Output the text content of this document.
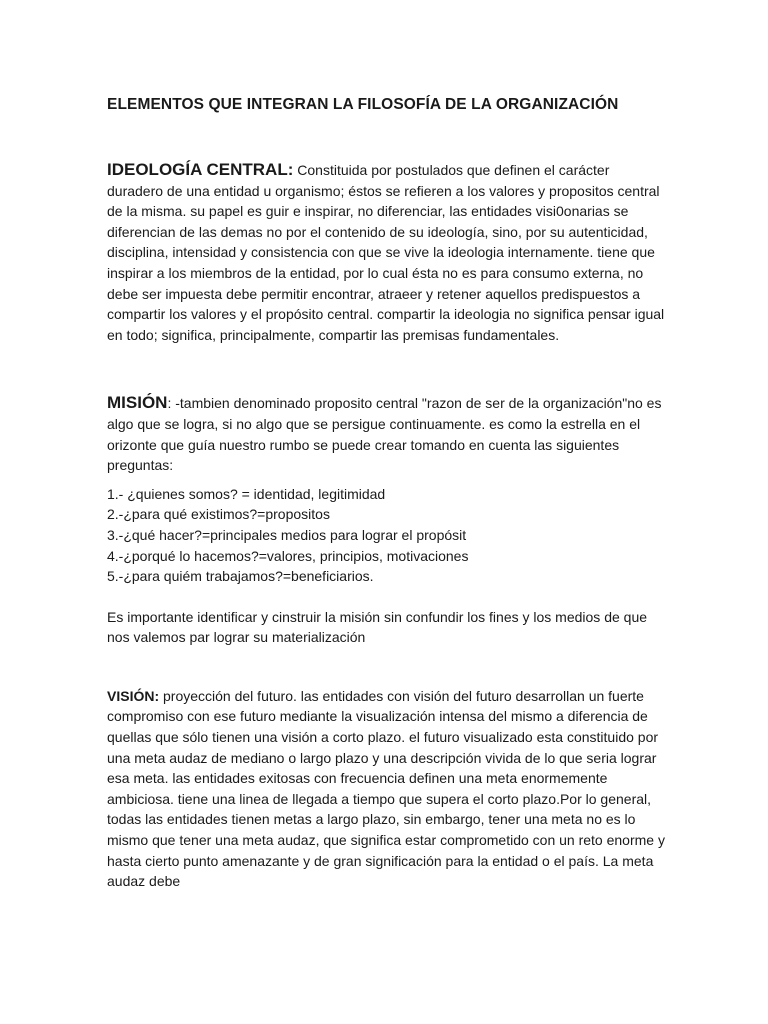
ELEMENTOS QUE INTEGRAN LA FILOSOFÍA DE LA ORGANIZACIÓN

IDEOLOGÍA CENTRAL: Constituida por postulados que definen el carácter duradero de una entidad u organismo; éstos se refieren a los valores y propositos central de la misma. su papel es guir e inspirar, no diferenciar, las entidades visi0onarias se diferencian de las demas no por el contenido de su ideología, sino, por su autenticidad, disciplina, intensidad y consistencia con que se vive la ideologia internamente. tiene que inspirar a los miembros de la entidad, por lo cual ésta no es para consumo externa, no debe ser impuesta debe permitir encontrar, atraeer y retener aquellos predispuestos a compartir los valores y el propósito central. compartir la ideologia no significa pensar igual en todo; significa, principalmente, compartir las premisas fundamentales.

MISIÓN: -tambien denominado proposito central "razon de ser de la organización"no es algo que se logra, si no algo que se persigue continuamente. es como la estrella en el orizonte que guía nuestro rumbo se puede crear tomando en cuenta las siguientes preguntas:

1.- ¿quienes somos? = identidad, legitimidad
2.-¿para qué existimos?=propositos
3.-¿qué hacer?=principales medios para lograr el propósit
4.-¿porqué lo hacemos?=valores, principios, motivaciones
5.-¿para quiém trabajamos?=beneficiarios.

Es importante identificar y cinstruir la misión sin confundir los fines y los medios de que nos valemos par lograr su materialización

VISIÓN: proyección del futuro. las entidades con visión del futuro desarrollan un fuerte compromiso con ese futuro mediante la visualización intensa del mismo a diferencia de quellas que sólo tienen una visión a corto plazo. el futuro visualizado esta constituido por una meta audaz de mediano o largo plazo y una descripción vivida de lo que seria lograr esa meta. las entidades exitosas con frecuencia definen una meta enormemente ambiciosa. tiene una linea de llegada a tiempo que supera el corto plazo.Por lo general, todas las entidades tienen metas a largo plazo, sin embargo, tener una meta no es lo mismo que tener una meta audaz, que significa estar comprometido con un reto enorme y hasta cierto punto amenazante y de gran significación para la entidad o el país. La meta audaz debe
